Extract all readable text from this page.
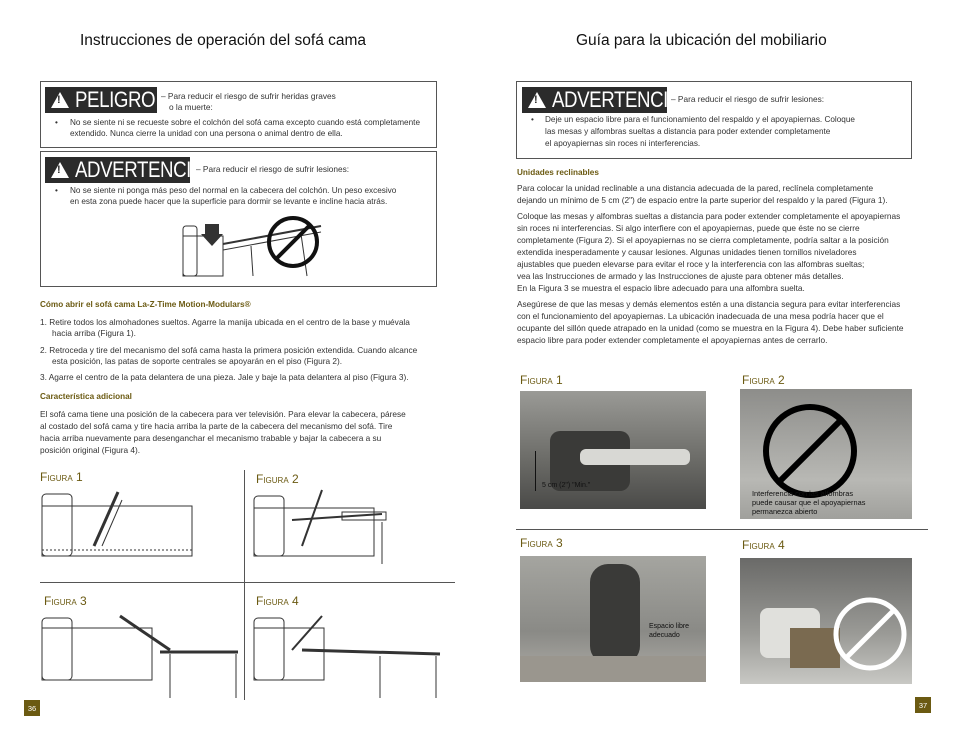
Instrucciones de operación del sofá cama
!
PELIGRO – Para reducir el riesgo de sufrir heridas graves
o la muerte:
• No se siente ni se recueste sobre el colchón del sofá cama excepto cuando está completamente
extendido. Nunca cierre la unidad con una persona o animal dentro de ella.
!
ADVERTENCIA
– Para reducir el riesgo de sufrir lesiones:
• No se siente ni ponga más peso del normal en la cabecera del colchón. Un peso excesivo
en esta zona puede hacer que la superficie para dormir se levante e incline hacia atrás.
Cómo abrir el sofá cama La-Z-Time Motion-Modulars®
1. Retire todos los almohadones sueltos. Agarre la manija ubicada en el centro de la base y muévala
hacia arriba (Figura 1).
2. Retroceda y tire del mecanismo del sofá cama hasta la primera posición extendida. Cuando alcance
esta posición, las patas de soporte centrales se apoyarán en el piso (Figura 2).
3. Agarre el centro de la pata delantera de una pieza. Jale y baje la pata delantera al piso (Figura 3).
Característica adicional
El sofá cama tiene una posición de la cabecera para ver televisión. Para elevar la cabecera, párese
al costado del sofá cama y tire hacia arriba la parte de la cabecera del mecanismo del sofá. Tire
hacia arriba nuevamente para desenganchar el mecanismo trabable y bajar la cabecera a su
posición original (Figura 4).
Figura 1	Figura 2
Figura 3	Figura 4
36
Guía para la ubicación del mobiliario
!
ADVERTENCIA
– Para reducir el riesgo de sufrir lesiones:
• Deje un espacio libre para el funcionamiento del respaldo y el apoyapiernas. Coloque
las mesas y alfombras sueltas a distancia para poder extender completamente
el apoyapiernas sin roces ni interferencias.
Unidades reclinables
Para colocar la unidad reclinable a una distancia adecuada de la pared, reclínela completamente
dejando un mínimo de 5 cm (2") de espacio entre la parte superior del respaldo y la pared (Figura 1).
Coloque las mesas y alfombras sueltas a distancia para poder extender completamente el apoyapiernas
sin roces ni interferencias. Si algo interfiere con el apoyapiernas, puede que éste no se cierre
completamente (Figura 2). Si el apoyapiernas no se cierra completamente, podría saltar a la posición
extendida inesperadamente y causar lesiones. Algunas unidades tienen tornillos niveladores
ajustables que pueden elevarse para evitar el roce y la interferencia con las alfombras sueltas;
vea las Instrucciones de armado y las Instrucciones de ajuste para obtener más detalles.
En la Figura 3 se muestra el espacio libre adecuado para una alfombra suelta.
Asegúrese de que las mesas y demás elementos estén a una distancia segura para evitar interferencias
con el funcionamiento del apoyapiernas. La ubicación inadecuada de una mesa podría hacer que el
ocupante del sillón quede atrapado en la unidad (como se muestra en la Figura 4). Debe haber suficiente
espacio libre para poder extender completamente el apoyapiernas antes de cerrarlo.
Figura 1
5 cm (2") "Min."
Figura 2
Interferencia con las alfombras
puede causar que el apoyapiernas
permanezca abierto
Figura 3
Espacio libre
adecuado
Figura 4
37
